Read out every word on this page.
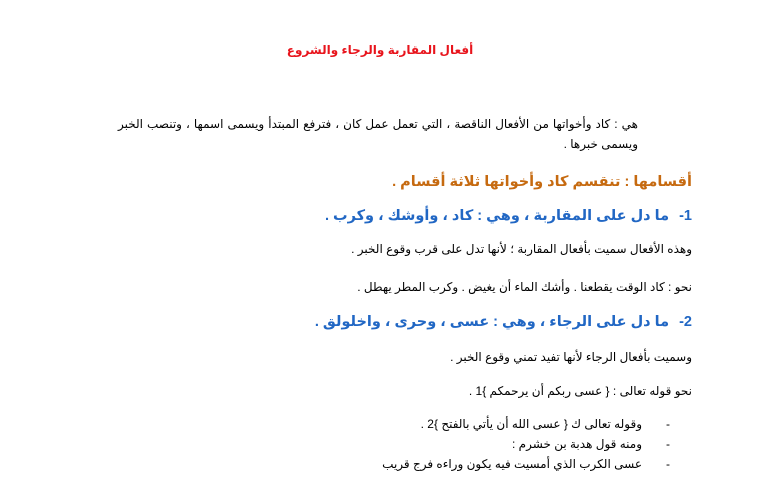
أفعال المقاربة والرجاء والشروع

هي : كاد وأخواتها من الأفعال الناقصة ، التي تعمل عمل كان ، فترفع المبتدأ ويسمى اسمها ، وتنصب الخبر ويسمى خبرها .

أقسامها : تنقسم كاد وأخواتها ثلاثة أقسام .

1-ما دل على المقاربة ، وهي : كاد ، وأوشك ، وكرب .

وهذه الأفعال سميت بأفعال المقاربة ؛ لأنها تدل على قرب وقوع الخبر .

نحو : كاد الوقت يقطعنا . وأشك الماء أن يغيض . وكرب المطر يهطل .

2-ما دل على الرجاء ، وهي : عسى ، وحرى ، واخلولق .

وسميت بأفعال الرجاء لأنها تفيد تمني وقوع الخبر .

نحو قوله تعالى : { عسى ربكم أن يرحمكم }1 .

-
وقوله تعالى ك { عسى الله أن يأتي بالفتح }2 .
-
ومنه قول هدبة بن خشرم :
-
عسى الكرب الذي أمسيت فيه يكون وراءه فرج قريب
